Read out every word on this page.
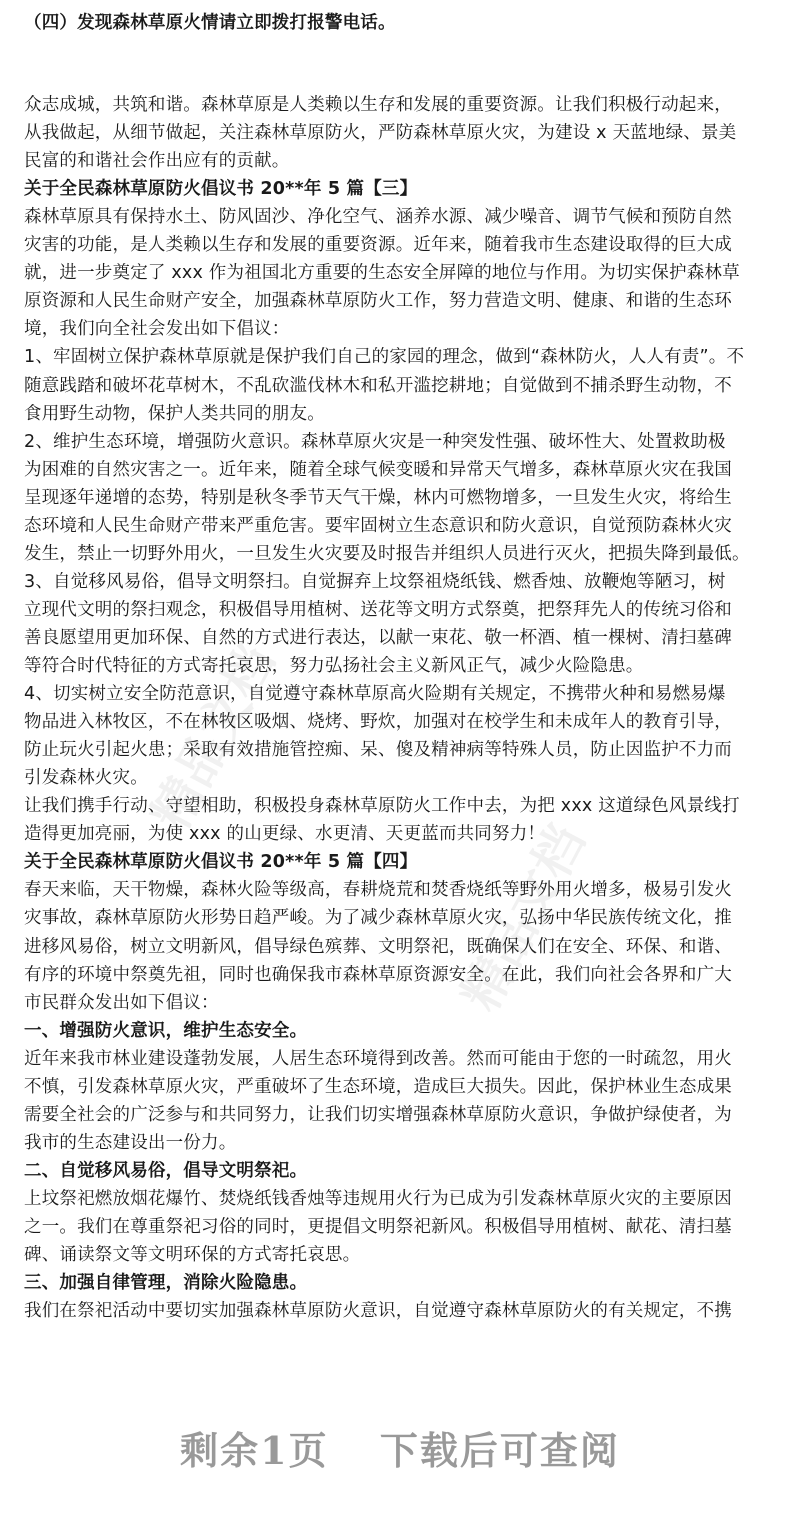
精品文档
精品文档
（四）发现森林草原火情请立即拨打报警电话。
众志成城，共筑和谐。森林草原是人类赖以生存和发展的重要资源。让我们积极行动起来，
从我做起，从细节做起，关注森林草原防火，严防森林草原火灾，为建设 x 天蓝地绿、景美
民富的和谐社会作出应有的贡献。
关于全民森林草原防火倡议书 20**年 5 篇【三】
森林草原具有保持水土、防风固沙、净化空气、涵养水源、减少噪音、调节气候和预防自然
灾害的功能，是人类赖以生存和发展的重要资源。近年来，随着我市生态建设取得的巨大成
就，进一步奠定了 xxx 作为祖国北方重要的生态安全屏障的地位与作用。为切实保护森林草
原资源和人民生命财产安全，加强森林草原防火工作，努力营造文明、健康、和谐的生态环
境，我们向全社会发出如下倡议：
1、牢固树立保护森林草原就是保护我们自己的家园的理念，做到“森林防火，人人有责”。不
随意践踏和破坏花草树木，不乱砍滥伐林木和私开滥挖耕地；自觉做到不捕杀野生动物，不
食用野生动物，保护人类共同的朋友。
2、维护生态环境，增强防火意识。森林草原火灾是一种突发性强、破坏性大、处置救助极
为困难的自然灾害之一。近年来，随着全球气候变暖和异常天气增多，森林草原火灾在我国
呈现逐年递增的态势，特别是秋冬季节天气干燥，林内可燃物增多，一旦发生火灾，将给生
态环境和人民生命财产带来严重危害。要牢固树立生态意识和防火意识，自觉预防森林火灾
发生，禁止一切野外用火，一旦发生火灾要及时报告并组织人员进行灭火，把损失降到最低。
3、自觉移风易俗，倡导文明祭扫。自觉摒弃上坟祭祖烧纸钱、燃香烛、放鞭炮等陋习，树
立现代文明的祭扫观念，积极倡导用植树、送花等文明方式祭奠，把祭拜先人的传统习俗和
善良愿望用更加环保、自然的方式进行表达，以献一束花、敬一杯酒、植一棵树、清扫墓碑
等符合时代特征的方式寄托哀思，努力弘扬社会主义新风正气，减少火险隐患。
4、切实树立安全防范意识，自觉遵守森林草原高火险期有关规定，不携带火种和易燃易爆
物品进入林牧区，不在林牧区吸烟、烧烤、野炊，加强对在校学生和未成年人的教育引导，
防止玩火引起火患；采取有效措施管控痴、呆、傻及精神病等特殊人员，防止因监护不力而
引发森林火灾。
让我们携手行动、守望相助，积极投身森林草原防火工作中去，为把 xxx 这道绿色风景线打
造得更加亮丽，为使 xxx 的山更绿、水更清、天更蓝而共同努力！
关于全民森林草原防火倡议书 20**年 5 篇【四】
春天来临，天干物燥，森林火险等级高，春耕烧荒和焚香烧纸等野外用火增多，极易引发火
灾事故，森林草原防火形势日趋严峻。为了减少森林草原火灾，弘扬中华民族传统文化，推
进移风易俗，树立文明新风，倡导绿色殡葬、文明祭祀，既确保人们在安全、环保、和谐、
有序的环境中祭奠先祖，同时也确保我市森林草原资源安全。在此，我们向社会各界和广大
市民群众发出如下倡议：
一、增强防火意识，维护生态安全。
近年来我市林业建设蓬勃发展，人居生态环境得到改善。然而可能由于您的一时疏忽，用火
不慎，引发森林草原火灾，严重破坏了生态环境，造成巨大损失。因此，保护林业生态成果
需要全社会的广泛参与和共同努力，让我们切实增强森林草原防火意识，争做护绿使者，为
我市的生态建设出一份力。
二、自觉移风易俗，倡导文明祭祀。
上坟祭祀燃放烟花爆竹、焚烧纸钱香烛等违规用火行为已成为引发森林草原火灾的主要原因
之一。我们在尊重祭祀习俗的同时，更提倡文明祭祀新风。积极倡导用植树、献花、清扫墓
碑、诵读祭文等文明环保的方式寄托哀思。
三、加强自律管理，消除火险隐患。
我们在祭祀活动中要切实加强森林草原防火意识，自觉遵守森林草原防火的有关规定，不携
剩余1页 下载后可查阅
